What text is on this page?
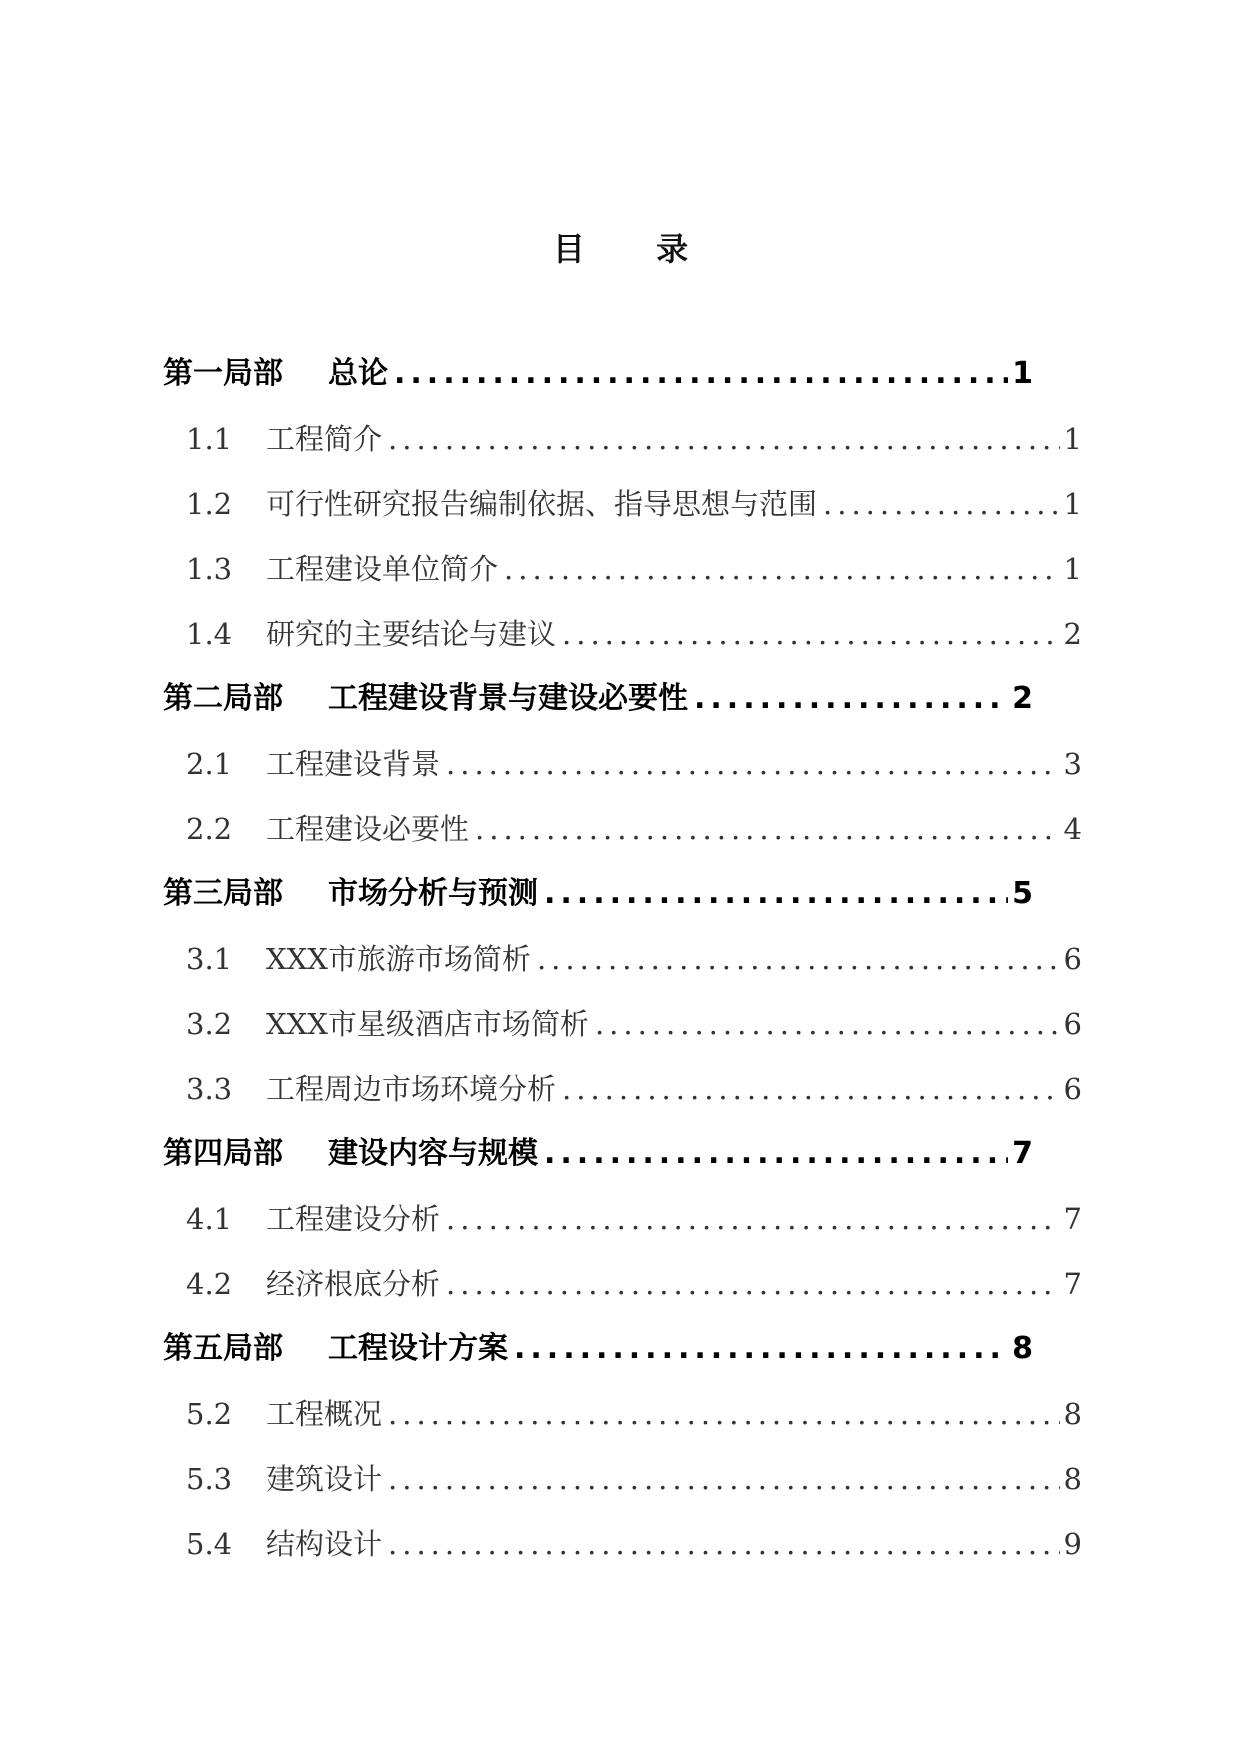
目 录
第一局部	总论 .....	1
1.1	工程简介 .....	1
1.2	可行性研究报告编制依据、指导思想与范围 .....	1
1.3	工程建设单位简介 .....	1
1.4	研究的主要结论与建议 .....	2
第二局部	工程建设背景与建设必要性 .....	2
2.1	工程建设背景 .....	3
2.2	工程建设必要性 .....	4
第三局部	市场分析与预测 .....	5
3.1	XXX市旅游市场简析 .....	6
3.2	XXX市星级酒店市场简析 .....	6
3.3	工程周边市场环境分析 .....	6
第四局部	建设内容与规模 .....	7
4.1	工程建设分析 .....	7
4.2	经济根底分析 .....	7
第五局部	工程设计方案 .....	8
5.2	工程概况 .....	8
5.3	建筑设计 .....	8
5.4	结构设计 .....	9
